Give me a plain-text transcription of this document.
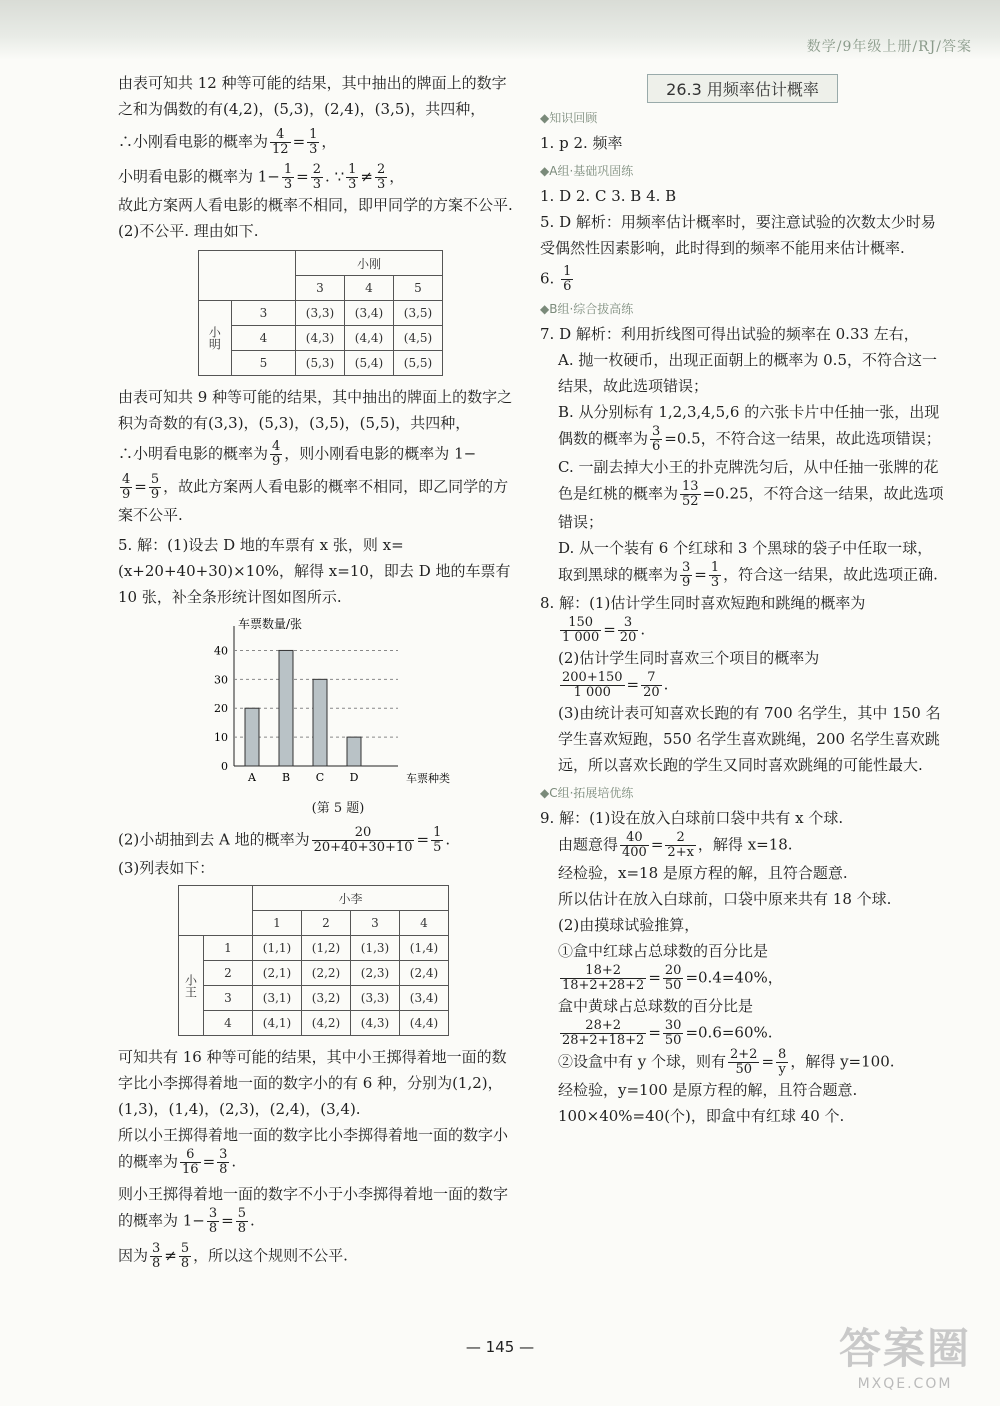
数学/9年级上册/RJ/答案

由表可知共 12 种等可能的结果，其中抽出的牌面上的数字之和为偶数的有(4,2)，(5,3)，(2,4)，(3,5)，共四种，

∴小刚看电影的概率为 $\frac{4}{12} = \frac{1}{3}$ ，

小明看电影的概率为 $1- \frac{1}{3} = \frac{2}{3}$ . ∵ $\frac{1}{3} \ne \frac{2}{3}$ ，

故此方案两人看电影的概率不相同，即甲同学的方案不公平.

(2)不公平. 理由如下.

		小刚		
		3	4	5
小明	3	(3,3)	(3,4)	(3,5)
	4	(4,3)	(4,4)	(4,5)
	5	(5,3)	(5,4)	(5,5)

由表可知共 9 种等可能的结果，其中抽出的牌面上的数字之积为奇数的有(3,3)，(5,3)，(3,5)，(5,5)，共四种，

∴小明看电影的概率为 $\frac{4}{9}$ ，则小刚看电影的概率为 1−

$\frac{4}{9} = \frac{5}{9}$ ，故此方案两人看电影的概率不相同，即乙同学的方案不公平.

5. 解：(1)设去 D 地的车票有 x 张，则 x=(x+20+40+30)×10%，解得 x=10，即去 D 地的车票有 10 张，补全条形统计图如图所示.

车票数量/张
车票种类
0
10
20
30
40
A B C D

(第 5 题)

(2)小胡抽到去 A 地的概率为 $\frac{20}{20+40+30+10} = \frac{1}{5}$ .

(3)列表如下：

		小李			
		1	2	3	4
小王	1	(1,1)	(1,2)	(1,3)	(1,4)
	2	(2,1)	(2,2)	(2,3)	(2,4)
	3	(3,1)	(3,2)	(3,3)	(3,4)
	4	(4,1)	(4,2)	(4,3)	(4,4)

可知共有 16 种等可能的结果，其中小王掷得着地一面的数字比小李掷得着地一面的数字小的有 6 种，分别为(1,2)，(1,3)，(1,4)，(2,3)，(2,4)，(3,4).

所以小王掷得着地一面的数字比小李掷得着地一面的数字小的概率为 $\frac{6}{16} = \frac{3}{8}$ .

则小王掷得着地一面的数字不小于小李掷得着地一面的数字的概率为 $1- \frac{3}{8} = \frac{5}{8}$ .

因为 $\frac{3}{8} \ne \frac{5}{8}$ ，所以这个规则不公平.

26.3 用频率估计概率
◆知识回顾

1. p 2. 频率

◆A组·基础巩固练

1. D 2. C 3. B 4. B

5. D 解析：用频率估计概率时，要注意试验的次数太少时易受偶然性因素影响，此时得到的频率不能用来估计概率.

6. $\frac{1}{6}$

◆B组·综合拔高练

7. D 解析：利用折线图可得出试验的频率在 0.33 左右，

A. 抛一枚硬币，出现正面朝上的概率为 0.5，不符合这一结果，故此选项错误；

B. 从分别标有 1,2,3,4,5,6 的六张卡片中任抽一张，出现偶数的概率为 $\frac{3}{6} =0.5$，不符合这一结果，故此选项错误；

C. 一副去掉大小王的扑克牌洗匀后，从中任抽一张牌的花色是红桃的概率为 $\frac{13}{52} =0.25$，不符合这一结果，故此选项错误；

D. 从一个装有 6 个红球和 3 个黑球的袋子中任取一球，取到黑球的概率为 $\frac{3}{9} = \frac{1}{3}$ ，符合这一结果，故此选项正确.

8. 解：(1)估计学生同时喜欢短跑和跳绳的概率为

$\frac{150}{1 000} = \frac{3}{20}$ .

(2)估计学生同时喜欢三个项目的概率为

$\frac{200+150}{1 000} = \frac{7}{20}$ .

(3)由统计表可知喜欢长跑的有 700 名学生，其中 150 名学生喜欢短跑，550 名学生喜欢跳绳，200 名学生喜欢跳远，所以喜欢长跑的学生又同时喜欢跳绳的可能性最大.

◆C组·拓展培优练

9. 解：(1)设在放入白球前口袋中共有 x 个球.

由题意得 $\frac{40}{400} = \frac{2}{2+x}$ ，解得 x=18.

经检验，x=18 是原方程的解，且符合题意.

所以估计在放入白球前，口袋中原来共有 18 个球.

(2)由摸球试验推算，

①盒中红球占总球数的百分比是

$\frac{18+2}{18+2+28+2} = \frac{20}{50} =0.4=40\%$，

盒中黄球占总球数的百分比是

$\frac{28+2}{28+2+18+2} = \frac{30}{50} =0.6=60\%$.

②设盒中有 y 个球，则有 $\frac{2+2}{50} = \frac{8}{y}$ ，解得 y=100.

经检验，y=100 是原方程的解，且符合题意.

100×40%=40(个)，即盒中有红球 40 个.

— 145 —	答案圈
MXQE.COM
